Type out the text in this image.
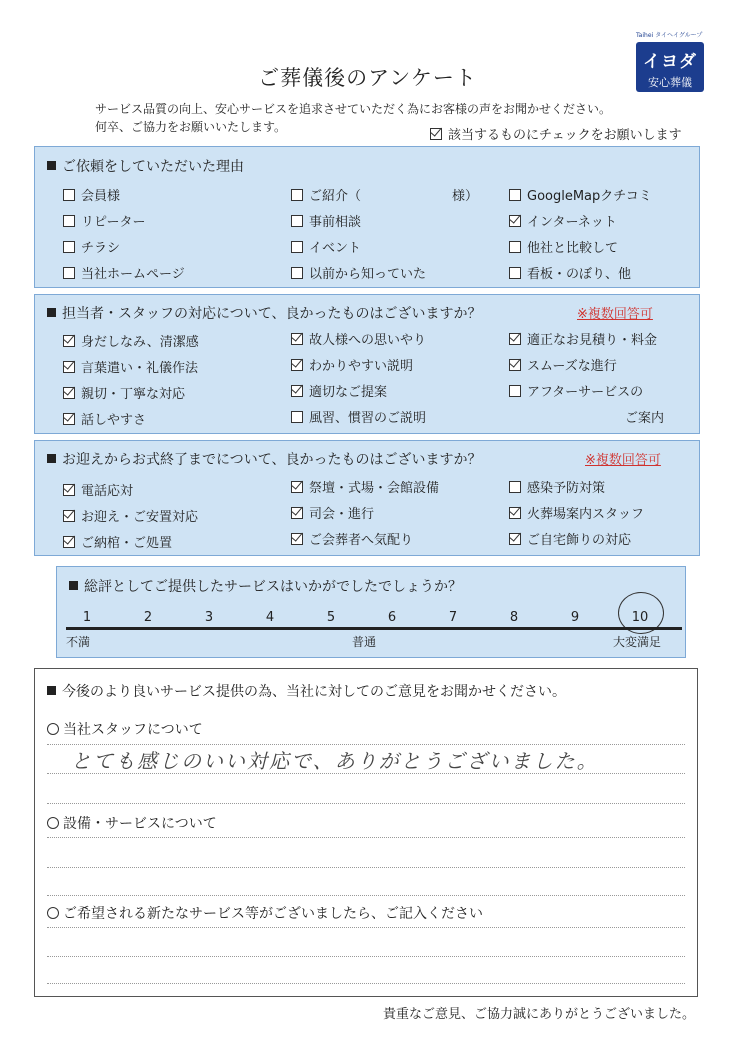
ご葬儀後のアンケート
Taihei タイヘイグループ
イヨダ
安心葬儀
サービス品質の向上、安心サービスを追求させていただく為にお客様の声をお聞かせください。
何卒、ご協力をお願いいたします。
該当するものにチェックをお願いします
ご依頼をしていただいた理由
会員様	ご紹介（　　　　　　　様）	GoogleMapクチコミ
リピーター	事前相談	インターネット
チラシ	イベント	他社と比較して
当社ホームページ	以前から知っていた	看板・のぼり、他
担当者・スタッフの対応について、良かったものはございますか？	※複数回答可
身だしなみ、清潔感	故人様への思いやり	適正なお見積り・料金
言葉遣い・礼儀作法	わかりやすい説明	スムーズな進行
親切・丁寧な対応	適切なご提案	アフターサービスの
話しやすさ	風習、慣習のご説明	ご案内
お迎えからお式終了までについて、良かったものはございますか？	※複数回答可
電話応対	祭壇・式場・会館設備	感染予防対策
お迎え・ご安置対応	司会・進行	火葬場案内スタッフ
ご納棺・ご処置	ご会葬者へ気配り	ご自宅飾りの対応
総評としてご提供したサービスはいかがでしたでしょうか？
1	2	3	4	5	6	7	8	9	10
不満	普通	大変満足
今後のより良いサービス提供の為、当社に対してのご意見をお聞かせください。
当社スタッフについて
とても感じのいい対応で、ありがとうございました。
設備・サービスについて
ご希望される新たなサービス等がございましたら、ご記入ください
貴重なご意見、ご協力誠にありがとうございました。
